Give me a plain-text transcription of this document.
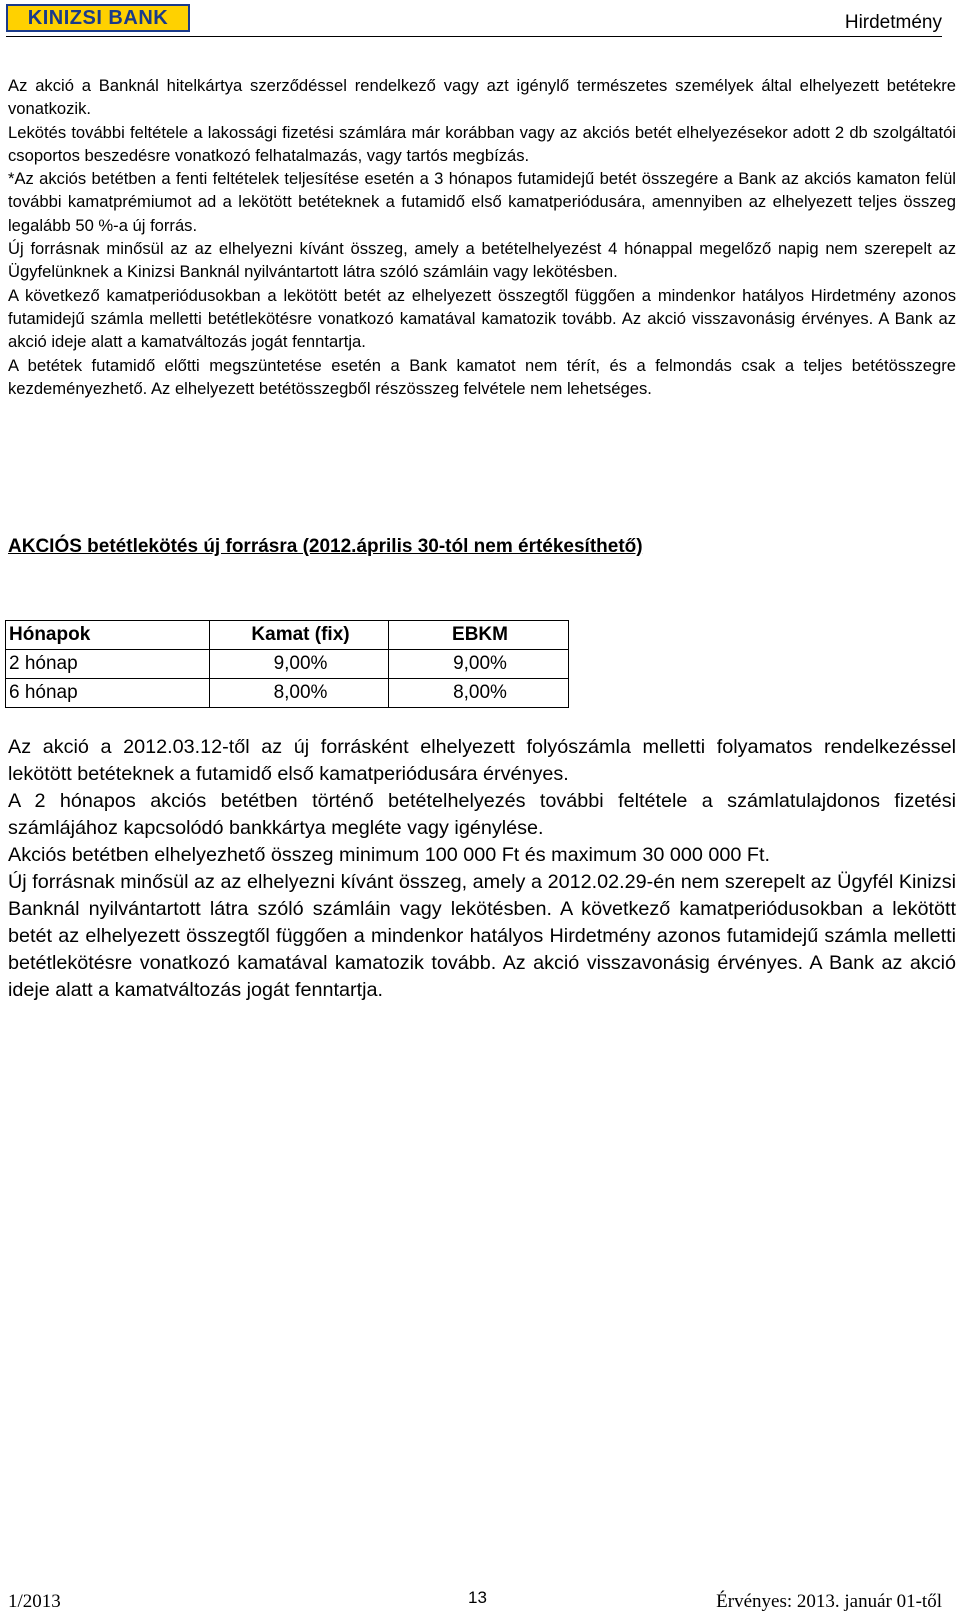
KINIZSI BANK	Hirdetmény

Az akció a Banknál hitelkártya szerződéssel rendelkező vagy azt igénylő természetes személyek által elhelyezett betétekre vonatkozik.

Lekötés további feltétele a lakossági fizetési számlára már korábban vagy az akciós betét elhelyezésekor adott 2 db szolgáltatói csoportos beszedésre vonatkozó felhatalmazás, vagy tartós megbízás.

*Az akciós betétben a fenti feltételek teljesítése esetén a 3 hónapos futamidejű betét összegére a Bank az akciós kamaton felül további kamatprémiumot ad a lekötött betéteknek a futamidő első kamatperiódusára, amennyiben az elhelyezett teljes összeg legalább 50 %-a új forrás.

Új forrásnak minősül az az elhelyezni kívánt összeg, amely a betételhelyezést 4 hónappal megelőző napig nem szerepelt az Ügyfelünknek a Kinizsi Banknál nyilvántartott látra szóló számláin vagy lekötésben.

A következő kamatperiódusokban a lekötött betét az elhelyezett összegtől függően a mindenkor hatályos Hirdetmény azonos futamidejű számla melletti betétlekötésre vonatkozó kamatával kamatozik tovább. Az akció visszavonásig érvényes. A Bank az akció ideje alatt a kamatváltozás jogát fenntartja.

A betétek futamidő előtti megszüntetése esetén a Bank kamatot nem térít, és a felmondás csak a teljes betétösszegre kezdeményezhető. Az elhelyezett betétösszegből részösszeg felvétele nem lehetséges.

AKCIÓS betétlekötés új forrásra (2012.április 30-tól nem értékesíthető)
Hónapok	Kamat (fix)	EBKM
2 hónap	9,00%	9,00%
6 hónap	8,00%	8,00%

Az akció a 2012.03.12-től az új forrásként elhelyezett folyószámla melletti folyamatos rendelkezéssel lekötött betéteknek a futamidő első kamatperiódusára érvényes.

A 2 hónapos akciós betétben történő betételhelyezés további feltétele a számlatulajdonos fizetési számlájához kapcsolódó bankkártya megléte vagy igénylése.

Akciós betétben elhelyezhető összeg minimum 100 000 Ft és maximum 30 000 000 Ft.

Új forrásnak minősül az az elhelyezni kívánt összeg, amely a 2012.02.29-én nem szerepelt az Ügyfél Kinizsi Banknál nyilvántartott látra szóló számláin vagy lekötésben. A következő kamatperiódusokban a lekötött betét az elhelyezett összegtől függően a mindenkor hatályos Hirdetmény azonos futamidejű számla melletti betétlekötésre vonatkozó kamatával kamatozik tovább. Az akció visszavonásig érvényes. A Bank az akció ideje alatt a kamatváltozás jogát fenntartja.

1/2013	13	Érvényes: 2013. január 01-től
